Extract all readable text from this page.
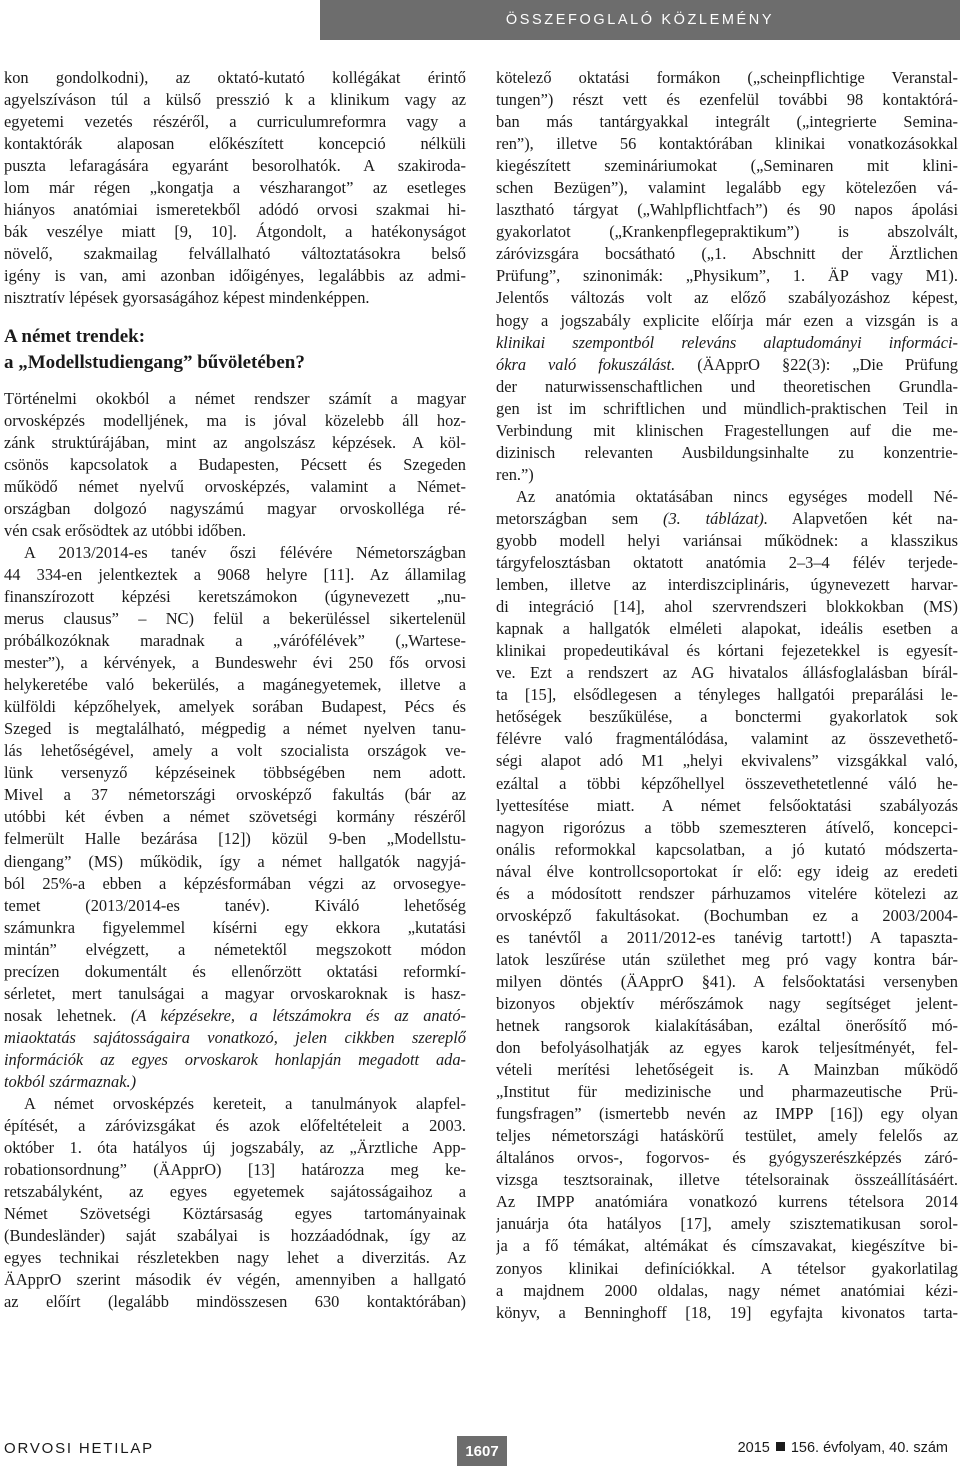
ÖSSZEFOGLALÓ KÖZLEMÉNY
kon gondolkodni), az oktató-kutató kollégákat érintő
agyelszíváson túl a külső presszió k a klinikum vagy az
egyetemi vezetés részéről, a curriculumreformra vagy a
kontaktórák alaposan előkészített koncepció nélküli
puszta lefaragására egyaránt besorolhatók. A szakiroda-
lom már régen „kongatja a vészharangot” az esetleges
hiányos anatómiai ismeretekből adódó orvosi szakmai hi-
bák veszélye miatt [9, 10]. Átgondolt, a hatékonyságot
növelő, szakmailag felvállalható változtatásokra belső
igény is van, ami azonban időigényes, legalábbis az admi-
nisztratív lépések gyorsaságához képest mindenképpen.
A német trendek:
a „Modellstudiengang” bűvöletében?
Történelmi okokból a német rendszer számít a magyar
orvosképzés modelljének, ma is jóval közelebb áll hoz-
zánk struktúrájában, mint az angolszász képzések. A köl-
csönös kapcsolatok a Budapesten, Pécsett és Szegeden
működő német nyelvű orvosképzés, valamint a Német-
országban dolgozó nagyszámú magyar orvoskolléga ré-
vén csak erősödtek az utóbbi időben.
A 2013/2014-es tanév őszi félévére Németországban
44 334-en jelentkeztek a 9068 helyre [11]. Az államilag
finanszírozott képzési keretszámokon (úgynevezett „nu-
merus clausus” – NC) felül a bekerüléssel sikertelenül
próbálkozóknak maradnak a „várófélévek” („Wartese-
mester”), a kérvények, a Bundeswehr évi 250 fős orvosi
helykeretébe való bekerülés, a magánegyetemek, illetve a
külföldi képzőhelyek, amelyek sorában Budapest, Pécs és
Szeged is megtalálható, mégpedig a német nyelven tanu-
lás lehetőségével, amely a volt szocialista országok ve-
lünk versenyző képzéseinek többségében nem adott.
Mivel a 37 németországi orvosképző fakultás (bár az
utóbbi két évben a német szövetségi kormány részéről
felmerült Halle bezárása [12]) közül 9-ben „Modellstu-
diengang” (MS) működik, így a német hallgatók nagyjá-
ból 25%-a ebben a képzésformában végzi az orvosegye-
temet (2013/2014-es tanév). Kiváló lehetőség
számunkra figyelemmel kísérni egy ekkora „kutatási
mintán” elvégzett, a németektől megszokott módon
precízen dokumentált és ellenőrzött oktatási reformkí-
sérletet, mert tanulságai a magyar orvoskaroknak is hasz-
nosak lehetnek. (A képzésekre, a létszámokra és az anató-
miaoktatás sajátosságaira vonatkozó, jelen cikkben szereplő
információk az egyes orvoskarok honlapján megadott ada-
tokból származnak.)
A német orvosképzés kereteit, a tanulmányok alapfel-
építését, a záróvizsgákat és azok előfeltételeit a 2003.
október 1. óta hatályos új jogszabály, az „Ärztliche App-
robationsordnung” (ÄApprO) [13] határozza meg ke-
retszabályként, az egyes egyetemek sajátosságaihoz a
Német Szövetségi Köztársaság egyes tartományainak
(Bundesländer) saját szabályai is hozzáadódnak, így az
egyes technikai részletekben nagy lehet a diverzitás. Az
ÄApprO szerint második év végén, amennyiben a hallgató
az előírt (legalább mindösszesen 630 kontaktórában)
kötelező oktatási formákon („scheinpflichtige Veranstal-
tungen”) részt vett és ezenfelül további 98 kontaktórá-
ban más tantárgyakkal integrált („integrierte Semina-
ren”), illetve 56 kontaktórában klinikai vonatkozásokkal
kiegészített szemináriumokat („Seminaren mit klini-
schen Bezügen”), valamint legalább egy kötelezően vá-
lasztható tárgyat („Wahlpflichtfach”) és 90 napos ápolási
gyakorlatot („Krankenpflegepraktikum”) is abszolvált,
záróvizsgára bocsátható („1. Abschnitt der Ärztlichen
Prüfung”, szinonimák: „Physikum”, 1. ÄP vagy M1).
Jelentős változás volt az előző szabályozáshoz képest,
hogy a jogszabály explicite előírja már ezen a vizsgán is a
klinikai szempontból releváns alaptudományi informáci-
ókra való fokuszálást. (ÄApprO §22(3): „Die Prüfung
der naturwissenschaftlichen und theoretischen Grundla-
gen ist im schriftlichen und mündlich-praktischen Teil in
Verbindung mit klinischen Fragestellungen auf die me-
dizinisch relevanten Ausbildungsinhalte zu konzentrie-
ren.”)
Az anatómia oktatásában nincs egységes modell Né-
metországban sem (3. táblázat). Alapvetően két na-
gyobb modell helyi variánsai működnek: a klasszikus
tárgyfelosztásban oktatott anatómia 2–3–4 félév terjede-
lemben, illetve az interdiszciplináris, úgynevezett harvar-
di integráció [14], ahol szervrendszeri blokkokban (MS)
kapnak a hallgatók elméleti alapokat, ideális esetben a
klinikai propedeutikával és kórtani fejezetekkel is egyesít-
ve. Ezt a rendszert az AG hivatalos állásfoglalásban bírál-
ta [15], elsődlegesen a tényleges hallgatói preparálási le-
hetőségek beszűkülése, a bonctermi gyakorlatok sok
félévre való fragmentálódása, valamint az összevethető-
ségi alapot adó M1 „helyi ekvivalens” vizsgákkal való,
ezáltal a többi képzőhellyel összevethetetlenné váló he-
lyettesítése miatt. A német felsőoktatási szabályozás
nagyon rigorózus a több szemeszteren átívelő, koncepci-
onális reformokkal kapcsolatban, a jó kutató módszerta-
nával élve kontrollcsoportokat ír elő: egy ideig az eredeti
és a módosított rendszer párhuzamos vitelére kötelezi az
orvosképző fakultásokat. (Bochumban ez a 2003/2004-
es tanévtől a 2011/2012-es tanévig tartott!) A tapaszta-
latok leszűrése után születhet meg pró vagy kontra bár-
milyen döntés (ÄApprO §41). A felsőoktatási versenyben
bizonyos objektív mérőszámok nagy segítséget jelent-
hetnek rangsorok kialakításában, ezáltal önerősítő mó-
don befolyásolhatják az egyes karok teljesítményét, fel-
vételi merítési lehetőségeit is. A Mainzban működő
„Institut für medizinische und pharmazeutische Prü-
fungsfragen” (ismertebb nevén az IMPP [16]) egy olyan
teljes németországi hatáskörű testület, amely felelős az
általános orvos-, fogorvos- és gyógyszerészképzés záró-
vizsga tesztsorainak, illetve tételsorainak összeállításáért.
Az IMPP anatómiára vonatkozó kurrens tételsora 2014
januárja óta hatályos [17], amely szisztematikusan sorol-
ja a fő témákat, altémákat és címszavakat, kiegészítve bi-
zonyos klinikai definíciókkal. A tételsor gyakorlatilag
a majdnem 2000 oldalas, nagy német anatómiai kézi-
könyv, a Benninghoff [18, 19] egyfajta kivonatos tarta-
ORVOSI HETILAP	1607	2015 156. évfolyam, 40. szám
